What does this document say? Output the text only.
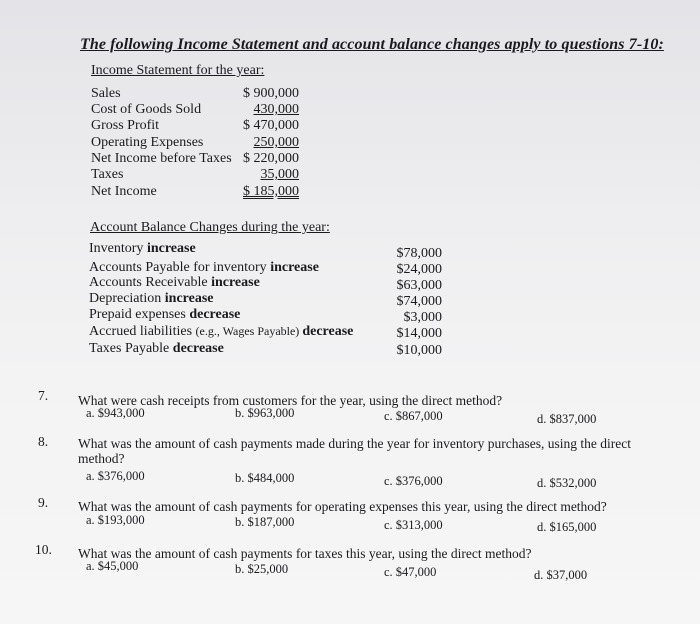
The following Income Statement and account balance changes apply to questions 7-10:
Income Statement for the year:
Sales	$ 900,000
Cost of Goods Sold	430,000
Gross Profit	$ 470,000
Operating Expenses	250,000
Net Income before Taxes $ 220,000
Taxes	35,000
Net Income	$ 185,000
Account Balance Changes during the year:
Inventory increase	$78,000
Accounts Payable for inventory increase	$24,000
Accounts Receivable increase	$63,000
Depreciation increase	$74,000
Prepaid expenses decrease	$3,000
Accrued liabilities (e.g., Wages Payable) decrease	$14,000
Taxes Payable decrease	$10,000
7. What were cash receipts from customers for the year, using the direct method?
a. $943,000	b. $963,000	c. $867,000	d. $837,000
8. What was the amount of cash payments made during the year for inventory purchases, using the direct
method?
a. $376,000	b. $484,000	c. $376,000	d. $532,000
9. What was the amount of cash payments for operating expenses this year, using the direct method?
a. $193,000	b. $187,000	c. $313,000	d. $165,000
10. What was the amount of cash payments for taxes this year, using the direct method?
a. $45,000	b. $25,000	c. $47,000	d. $37,000
